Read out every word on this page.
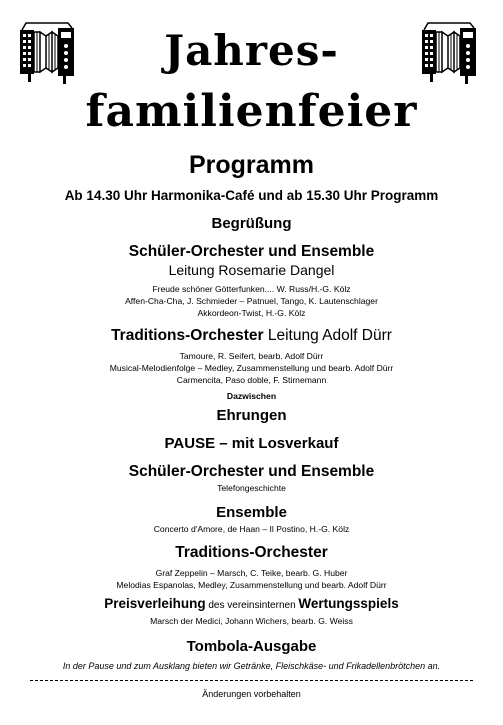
Jahres-
familienfeier

Programm

Ab 14.30 Uhr Harmonika-Café und ab 15.30 Uhr Programm

Begrüßung

Schüler-Orchester und Ensemble

Leitung Rosemarie Dangel

Freude schöner Götterfunken.... W. Russ/H.-G. Kölz

Affen-Cha-Cha, J. Schmieder – Patnuel, Tango, K. Lautenschlager

Akkordeon-Twist, H.-G. Kölz

Traditions-Orchester Leitung Adolf Dürr

Tamoure, R. Seifert, bearb. Adolf Dürr

Musical-Melodienfolge – Medley, Zusammenstellung und bearb. Adolf Dürr

Carmencita, Paso doble, F. Stirnemann

Dazwischen

Ehrungen

PAUSE – mit Losverkauf

Schüler-Orchester und Ensemble

Telefongeschichte

Ensemble

Concerto d'Amore, de Haan – Il Postino, H.-G. Kölz

Traditions-Orchester

Graf Zeppelin – Marsch, C. Teike, bearb. G. Huber

Melodias Espanolas, Medley, Zusammenstellung und bearb. Adolf Dürr

Preisverleihung des vereinsinternen Wertungsspiels

Marsch der Medici, Johann Wichers, bearb. G. Weiss

Tombola-Ausgabe

In der Pause und zum Ausklang bieten wir Getränke, Fleischkäse- und Frikadellenbrötchen an.
Änderungen vorbehalten
